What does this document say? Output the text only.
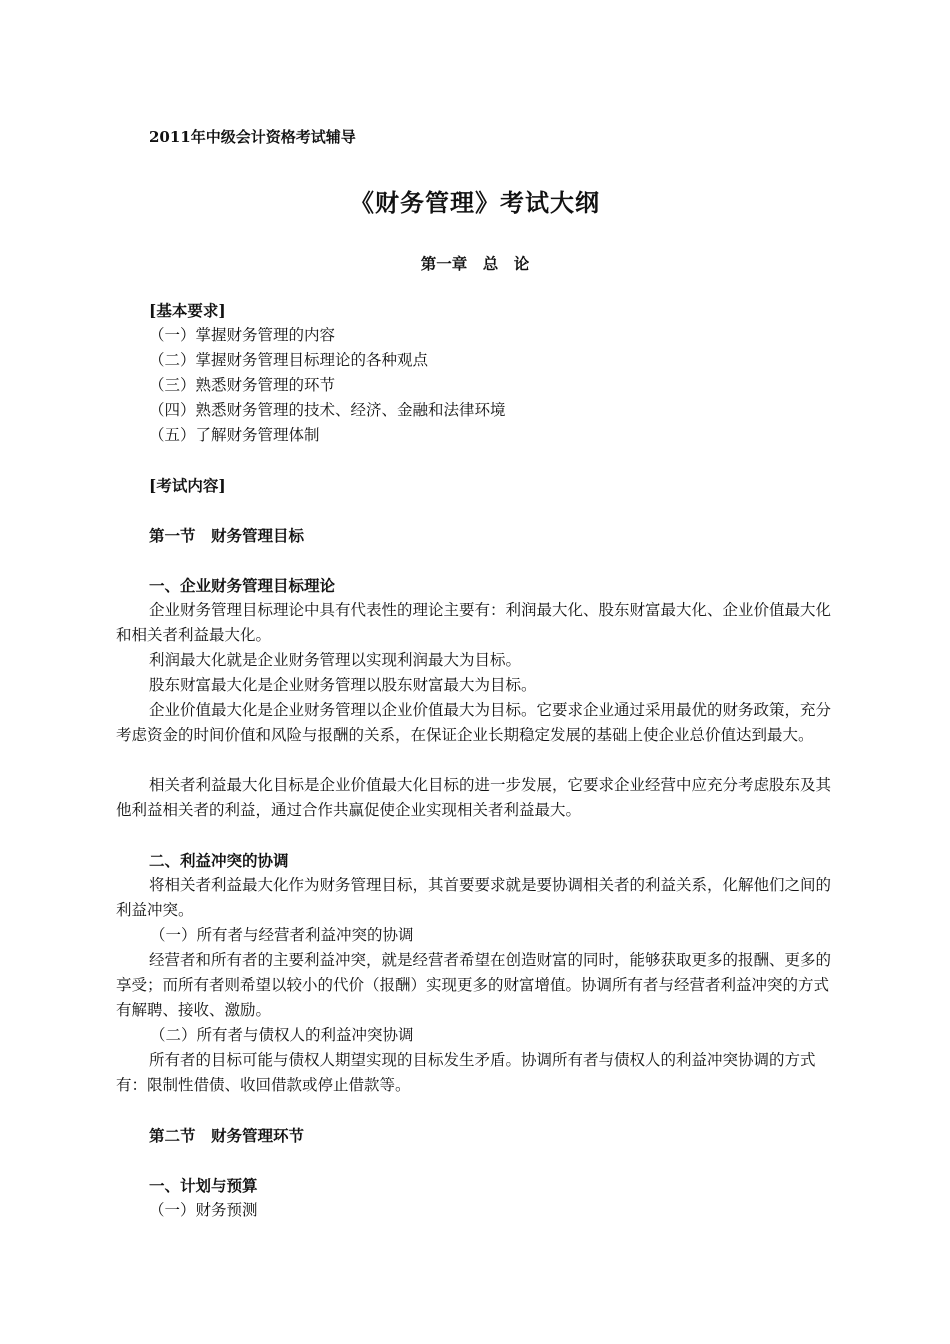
2011年中级会计资格考试辅导
《财务管理》考试大纲
第一章　总　论
[基本要求]
（一）掌握财务管理的内容
（二）掌握财务管理目标理论的各种观点
（三）熟悉财务管理的环节
（四）熟悉财务管理的技术、经济、金融和法律环境
（五）了解财务管理体制
[考试内容]
第一节　财务管理目标
一、企业财务管理目标理论
企业财务管理目标理论中具有代表性的理论主要有：利润最大化、股东财富最大化、企业价值最大化和相关者利益最大化。
利润最大化就是企业财务管理以实现利润最大为目标。
股东财富最大化是企业财务管理以股东财富最大为目标。
企业价值最大化是企业财务管理以企业价值最大为目标。它要求企业通过采用最优的财务政策，充分考虑资金的时间价值和风险与报酬的关系，在保证企业长期稳定发展的基础上使企业总价值达到最大。
相关者利益最大化目标是企业价值最大化目标的进一步发展，它要求企业经营中应充分考虑股东及其他利益相关者的利益，通过合作共赢促使企业实现相关者利益最大。
二、利益冲突的协调
将相关者利益最大化作为财务管理目标，其首要要求就是要协调相关者的利益关系，化解他们之间的利益冲突。
（一）所有者与经营者利益冲突的协调
经营者和所有者的主要利益冲突，就是经营者希望在创造财富的同时，能够获取更多的报酬、更多的享受；而所有者则希望以较小的代价（报酬）实现更多的财富增值。协调所有者与经营者利益冲突的方式有解聘、接收、激励。
（二）所有者与债权人的利益冲突协调
所有者的目标可能与债权人期望实现的目标发生矛盾。协调所有者与债权人的利益冲突协调的方式有：限制性借债、收回借款或停止借款等。
第二节　财务管理环节
一、计划与预算
（一）财务预测
